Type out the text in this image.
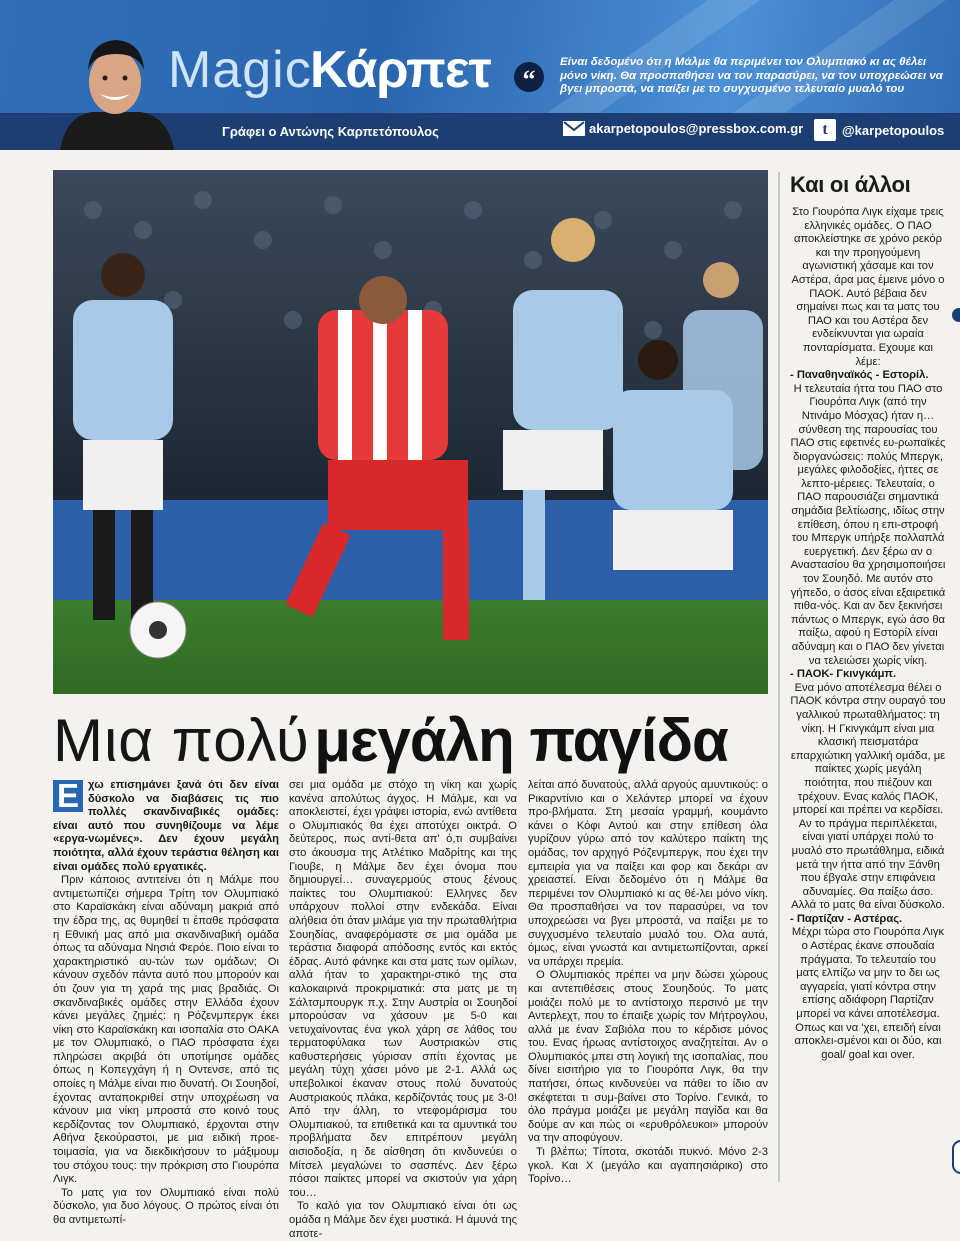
Magic
Κάρπετ	“
Είναι δεδομένο ότι η Μάλμε θα περιμένει τον Ολυμπιακό κι ας θέλει μόνο νίκη. Θα προσπαθήσει να τον παρασύρει, να τον υποχρεώσει να βγει μπροστά, να παίξει με το συγχυσμένο τελευταίο μυαλό του
Γράφει ο Αντώνης Καρπετόπουλος	akarpetopoulos@pressbox.com.gr	t	@karpetopoulos
Μια πολύ μεγάλη παγίδα

Ε χω επισημάνει ξανά ότι δεν είναι δύσκολο να διαβάσεις τις πιο πολλές σκανδιναβικές ομάδες: είναι αυτό που συνηθίζουμε να λέμε «εργα-νωμένες». Δεν έχουν μεγάλη ποιότητα, αλλά έχουν τεράστια θέληση και είναι ομάδες πολύ εργατικές.

Πριν κάποιος αντιτείνει ότι η Μάλμε που αντιμετωπίζει σήμερα Τρίτη τον Ολυμπιακό στο Καραϊσκάκη είναι αδύναμη μακριά από την έδρα της, ας θυμηθεί τι έπαθε πρόσφατα η Εθνική μας από μια σκανδιναβική ομάδα όπως τα αδύναμα Νησιά Φερόε. Ποιο είναι το χαρακτηριστικό αυ-τών των ομάδων; Οι κάνουν σχεδόν πάντα αυτό που μπορούν και ότι ζουν για τη χαρά της μιας βραδιάς. Οι σκανδιναβικές ομάδες στην Ελλάδα έχουν κάνει μεγάλες ζημιές: η Ρόζενμπεργκ έκει νίκη στο Καραϊσκάκη και ισοπαλία στο ΟΑΚΑ με τον Ολυμπιακό, ο ΠΑΟ πρόσφατα έχει πληρώσει ακριβά ότι υποτίμησε ομάδες όπως η Κοπεγχάγη ή η Οντενσε, από τις οποίες η Μάλμε είναι πιο δυνατή. Οι Σουηδοί, έχοντας ανταποκριθεί στην υποχρέωση να κάνουν μια νίκη μπροστά στο κοινό τους κερδίζοντας τον Ολυμπιακό, έρχονται στην Αθήνα ξεκούραστοι, με μια ειδική προε-τοιμασία, για να διεκδικήσουν το μάξιμουμ του στόχου τους: την πρόκριση στο Γιουρόπα Λιγκ.

Το ματς για τον Ολυμπιακό είναι πολύ δύσκολο, για δυο λόγους. Ο πρώτος είναι ότι θα αντιμετωπί-

σει μια ομάδα με στόχο τη νίκη και χωρίς κανένα απολύτως άγχος. Η Μάλμε, και να αποκλειστεί, έχει γράψει ιστορία, ενώ αντίθετα ο Ολυμπιακός θα έχει αποτύχει οικτρά. Ο δεύτερος, πως αντί-θετα απ' ό,τι συμβαίνει στο άκουσμα της Ατλέτικο Μαδρίτης και της Γιουβε, η Μάλμε δεν έχει όνομα που δημιουργεί… συναγερμούς στους ξένους παίκτες του Ολυμπιακού: Ελληνες δεν υπάρχουν πολλοί στην ενδεκάδα. Είναι αλήθεια ότι όταν μιλάμε για την πρωταθλήτρια Σουηδίας, αναφερόμαστε σε μια ομάδα με τεράστια διαφορά απόδοσης εντός και εκτός έδρας. Αυτό φάνηκε και στα ματς των ομίλων, αλλά ήταν το χαρακτηρι-στικό της στα καλοκαιρινά προκριματικά: στα ματς με τη Σάλτσμπουργκ π.χ. Στην Αυστρία οι Σουηδοί μπορούσαν να χάσουν με 5-0 και νετυχαίνοντας ένα γκολ χάρη σε λάθος του τερματοφύλακα των Αυστριακών στις καθυστερήσεις γύρισαν σπίτι έχοντας με μεγάλη τύχη χάσει μόνο με 2-1. Αλλά ως υπεβολικοί έκαναν στους πολύ δυνατούς Αυστριακούς πλάκα, κερδίζοντάς τους με 3-0! Από την άλλη, το ντεφομάρισμα του Ολυμπιακού, τα επιθετικά και τα αμυντικά του προβλήματα δεν επιτρέπουν μεγάλη αισιοδοξία, η δε αίσθηση ότι κινδυνεύει ο Μίτσελ μεγαλώνει το σασπένς. Δεν ξέρω πόσοι παίκτες μπορεί να σκιστούν για χάρη του…

Το καλό για τον Ολυμπιακό είναι ότι ως ομάδα η Μάλμε δεν έχει μυστικά. Η άμυνά της αποτε-

λείται από δυνατούς, αλλά αργούς αμυντικούς: ο Ρικαρντίνιο και ο Χελάντερ μπορεί να έχουν προ-βλήματα. Στη μεσαία γραμμή, κουμάντο κάνει ο Κόφι Αντού και στην επίθεση όλα γυρίζουν γύρω από τον καλύτερο παίκτη της ομάδας, τον αρχηγό Ρόζενμπεργκ, που έχει την εμπειρία για να παίξει και φορ και δεκάρι αν χρειαστεί. Είναι δεδομένο ότι η Μάλμε θα περιμένει τον Ολυμπιακό κι ας θέ-λει μόνο νίκη. Θα προσπαθήσει να τον παρασύρει, να τον υποχρεώσει να βγει μπροστά, να παίξει με το συγχυσμένο τελευταίο μυαλό του. Ολα αυτά, όμως, είναι γνωστά και αντιμετωπίζονται, αρκεί να υπάρχει πρεμία.

Ο Ολυμπιακός πρέπει να μην δώσει χώρους και αντεπιθέσεις στους Σουηδούς. Το ματς μοιάζει πολύ με το αντίστοιχο περσινό με την Αντερλεχτ, που το έπαιξε χωρίς τον Μήτρογλου, αλλά με έναν Σαβιόλα που το κέρδισε μόνος του. Ενας ήρωας αντίστοιχος αναζητείται. Αν ο Ολυμπιακός μπει στη λογική της ισοπαλίας, που δίνει εισιτήριο για το Γιουρόπα Λιγκ, θα την πατήσει, όπως κινδυνεύει να πάθει το ίδιο αν σκέφτεται τι συμ-βαίνει στο Τορίνο. Γενικά, το όλο πράγμα μοιάζει με μεγάλη παγίδα και θα δούμε αν και πώς οι «ερυθρόλευκοι» μπορούν να την αποφύγουν.

Τι βλέπω; Τίποτα, σκοτάδι πυκνό. Μόνο 2-3 γκολ. Και Χ (μεγάλο και αγαπησιάρικο) στο Τορίνο…

Και οι άλλοι

Στο Γιουρόπα Λιγκ είχαμε τρεις ελληνικές ομάδες. Ο ΠΑΟ αποκλείστηκε σε χρόνο ρεκόρ και την προηγούμενη αγωνιστική χάσαμε και τον Αστέρα, άρα μας έμεινε μόνο ο ΠΑΟΚ. Αυτό βέβαια δεν σημαίνει πως και τα ματς του ΠΑΟ και του Αστέρα δεν ενδείκνυνται για ωραία πονταρίσματα. Εχουμε και λέμε:

- Παναθηναϊκός - Εστορίλ.

Η τελευταία ήττα του ΠΑΟ στο Γιουρόπα Λιγκ (από την Ντινάμο Μόσχας) ήταν η… σύνθεση της παρουσίας του ΠΑΟ στις εφετινές ευ-ρωπαϊκές διοργανώσεις: πολύς Μπεργκ, μεγάλες φιλοδοξίες, ήττες σε λεπτο-μέρειες. Τελευταία, ο ΠΑΟ παρουσιάζει σημαντικά σημάδια βελτίωσης, ιδίως στην επίθεση, όπου η επι-στροφή του Μπεργκ υπήρξε πολλαπλά ευεργετική. Δεν ξέρω αν ο Αναστασίου θα χρησιμοποιήσει τον Σουηδό. Με αυτόν στο γήπεδο, ο άσος είναι εξαιρετικά πιθα-νός. Και αν δεν ξεκινήσει πάντως ο Μπεργκ, εγώ άσο θα παίξω, αφού η Εστορίλ είναι αδύναμη και ο ΠΑΟ δεν γίνεται να τελειώσει χωρίς νίκη.

- ΠΑΟΚ- Γκινγκάμπ.

Ενα μόνο αποτέλεσμα θέλει ο ΠΑΟΚ κόντρα στην ουραγό του γαλλικού πρωταθλήματος: τη νίκη. Η Γκινγκάμπ είναι μια κλασική πεισματάρα επαρχιώτικη γαλλική ομάδα, με παίκτες χωρίς μεγάλη ποιότητα, που πιέζουν και τρέχουν. Ενας καλός ΠΑΟΚ, μπορεί και πρέπει να κερδίσει. Αν το πράγμα περιπλέκεται, είναι γιατί υπάρχει πολύ το μυαλό στο πρωτάθλημα, ειδικά μετά την ήττα από την Ξάνθη που έβγαλε στην επιφάνεια αδυναμίες. Θα παίξω άσο. Αλλά το ματς θα είναι δύσκολο.

- Παρτίζαν - Αστέρας.

Μέχρι τώρα στο Γιουρόπα Λιγκ ο Αστέρας έκανε σπουδαία πράγματα. Το τελευταίο του ματς ελπίζω να μην το δει ως αγγαρεία, γιατί κόντρα στην επίσης αδιάφορη Παρτίζαν μπορεί να κάνει αποτέλεσμα. Οπως και να 'χει, επειδή είναι αποκλει-σμένοι και οι δύο, και goal/ goal και over.
